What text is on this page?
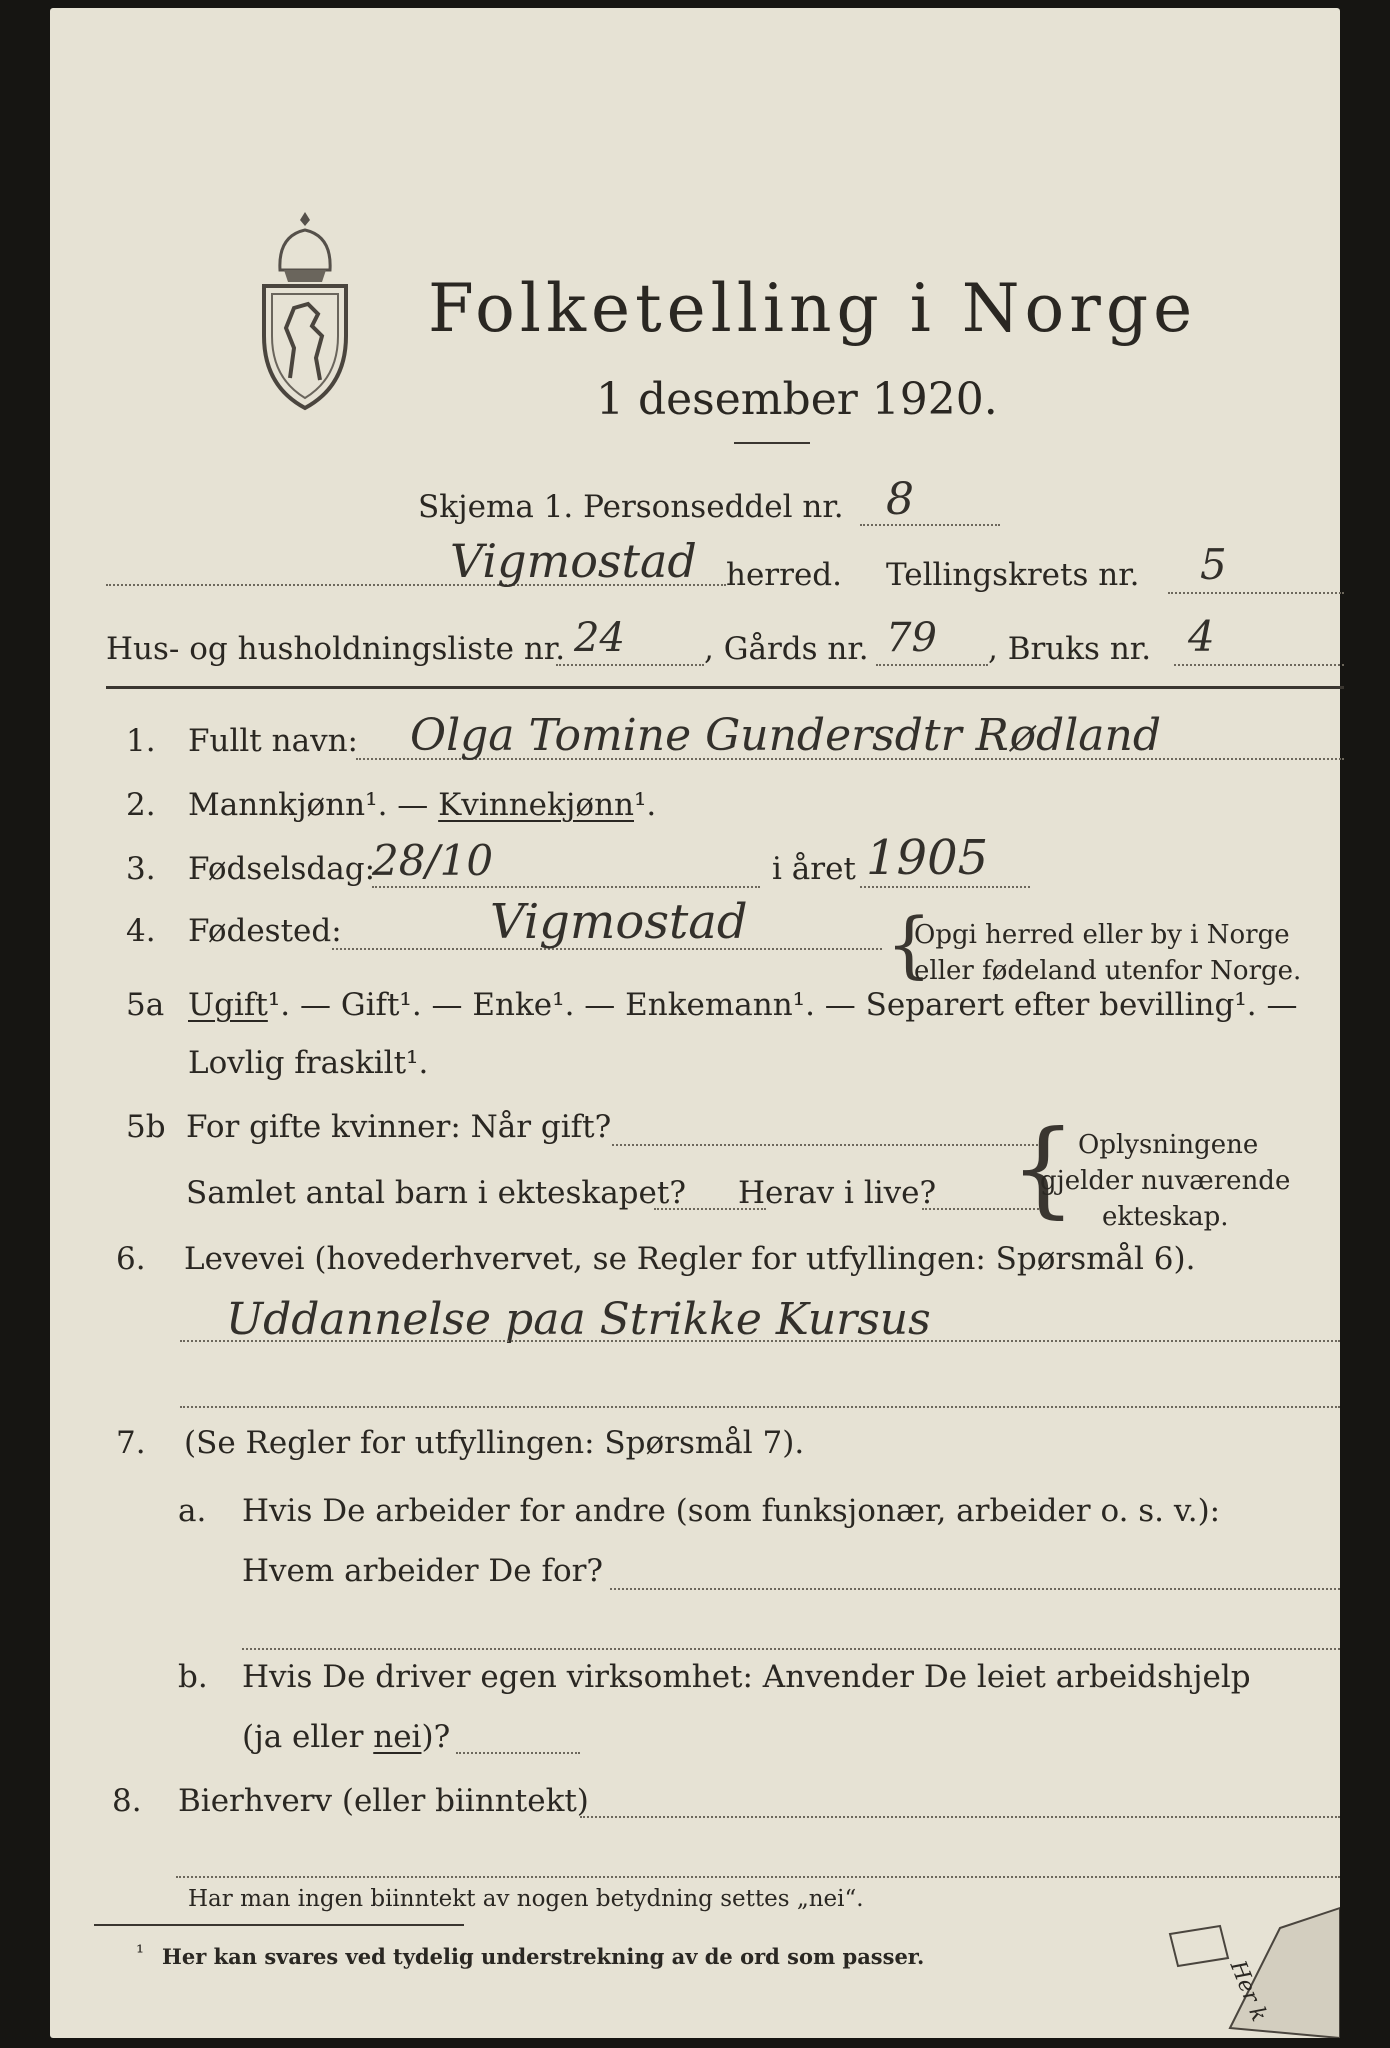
Folketelling i Norge
1 desember 1920.
Skjema 1. Personseddel nr. 8
Vigmostad herred. Tellingskrets nr. 5
Hus- og husholdningsliste nr. 24	, Gårds nr. 79 , Bruks nr. 4
1. Fullt navn: Olga Tomine Gundersdtr Rødland
2. Mannkjønn¹. — Kvinnekjønn¹.
3. Fødselsdag:
28/10	i året 1905
4. Fødested:	Vigmostad {
Opgi herred eller by i Norge
eller fødeland utenfor Norge.
5a Ugift¹. — Gift¹. — Enke¹. — Enkemann¹. — Separert efter bevilling¹. —
Lovlig fraskilt¹.
5b For gifte kvinner: Når gift?
Samlet antal barn i ekteskapet? Herav i live? { Oplysningene
gjelder nuværende
ekteskap.
6. Levevei (hovederhvervet, se Regler for utfyllingen: Spørsmål 6).
Uddannelse paa Strikke Kursus
7. (Se Regler for utfyllingen: Spørsmål 7).
a. Hvis De arbeider for andre (som funksjonær, arbeider o. s. v.):
Hvem arbeider De for?
b. Hvis De driver egen virksomhet: Anvender De leiet arbeidshjelp
(ja eller nei)?
8. Bierhverv (eller biinntekt)
Har man ingen biinntekt av nogen betydning settes „nei“.
¹ Her kan svares ved tydelig understrekning av de ord som passer.
Her k
